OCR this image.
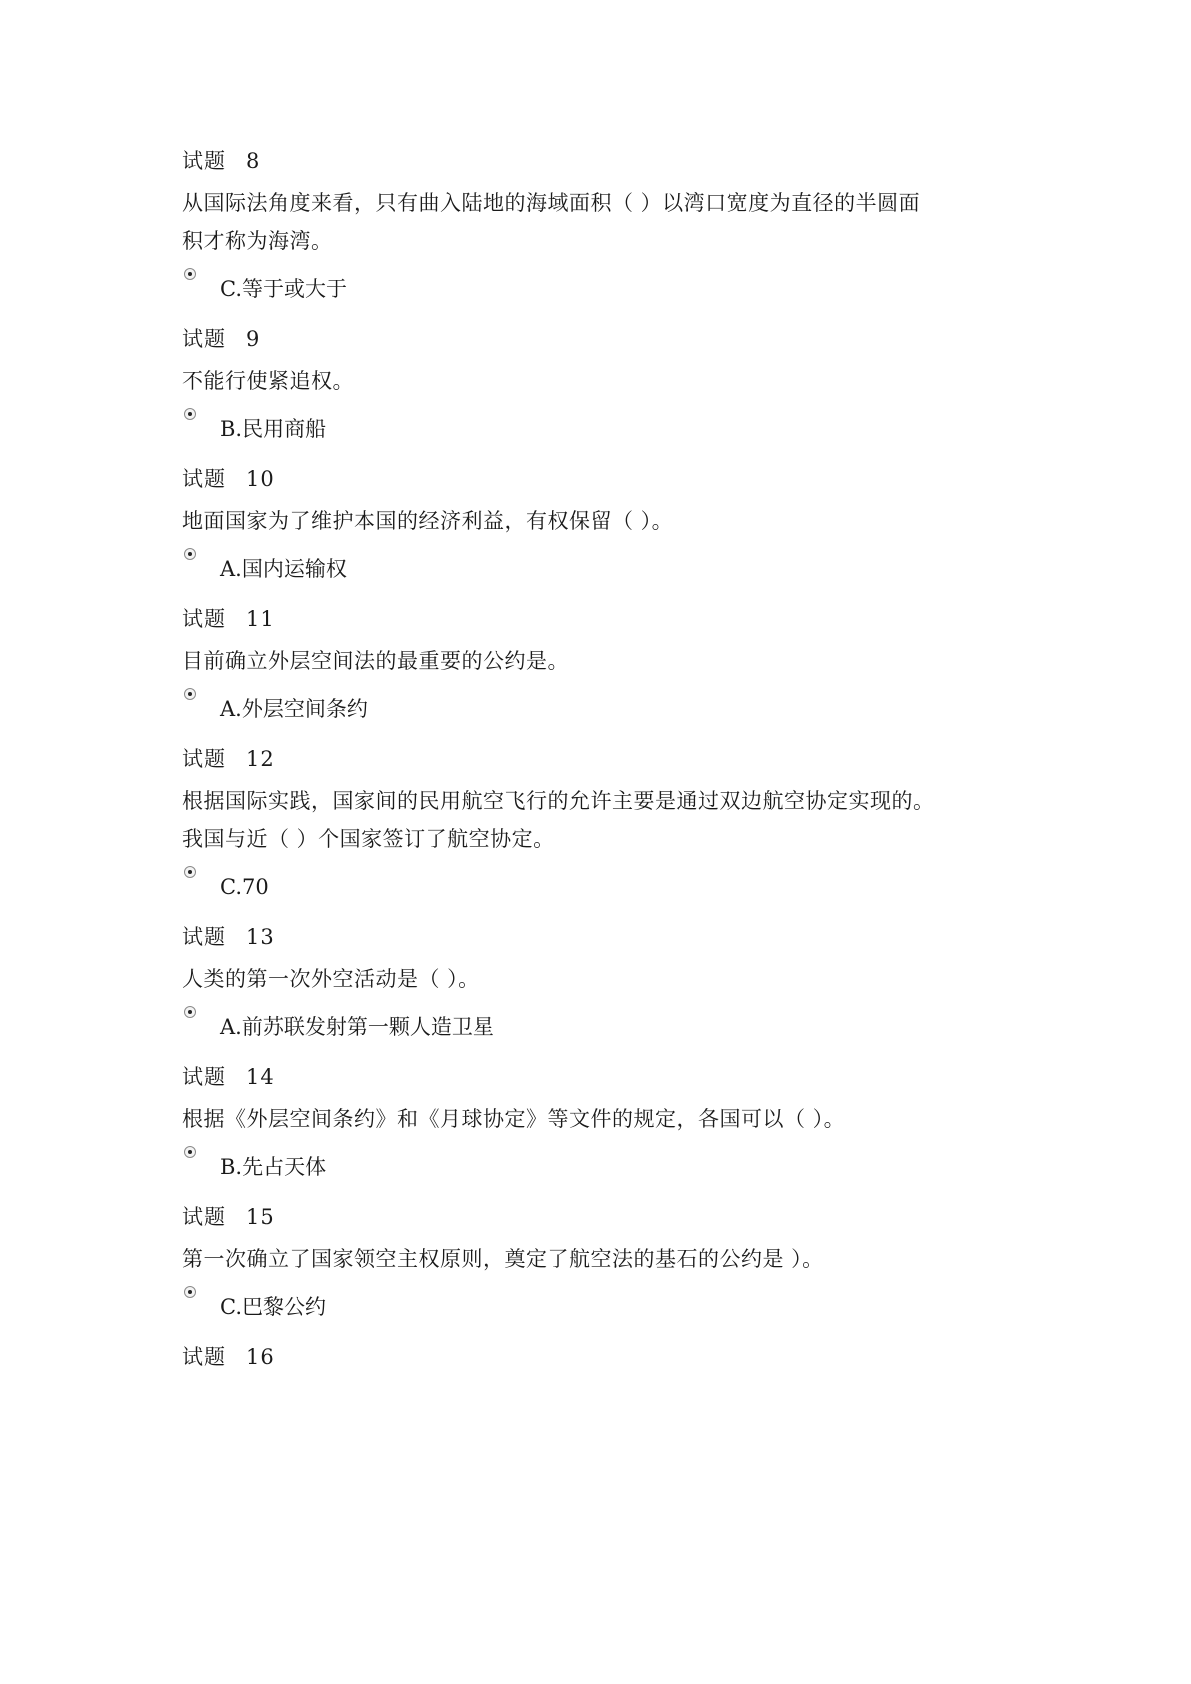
试题 8
从国际法角度来看，只有曲入陆地的海域面积（ ）以湾口宽度为直径的半圆面
积才称为海湾。
C.等于或大于
试题 9
不能行使紧追权。
B.民用商船
试题 10
地面国家为了维护本国的经济利益，有权保留（ ）。
A.国内运输权
试题 11
目前确立外层空间法的最重要的公约是。
A.外层空间条约
试题 12
根据国际实践，国家间的民用航空飞行的允许主要是通过双边航空协定实现的。
我国与近（ ）个国家签订了航空协定。
C.70
试题 13
人类的第一次外空活动是（ ）。
A.前苏联发射第一颗人造卫星
试题 14
根据《外层空间条约》和《月球协定》等文件的规定，各国可以（ ）。
B.先占天体
试题 15
第一次确立了国家领空主权原则，奠定了航空法的基石的公约是 ）。
C.巴黎公约
试题 16
